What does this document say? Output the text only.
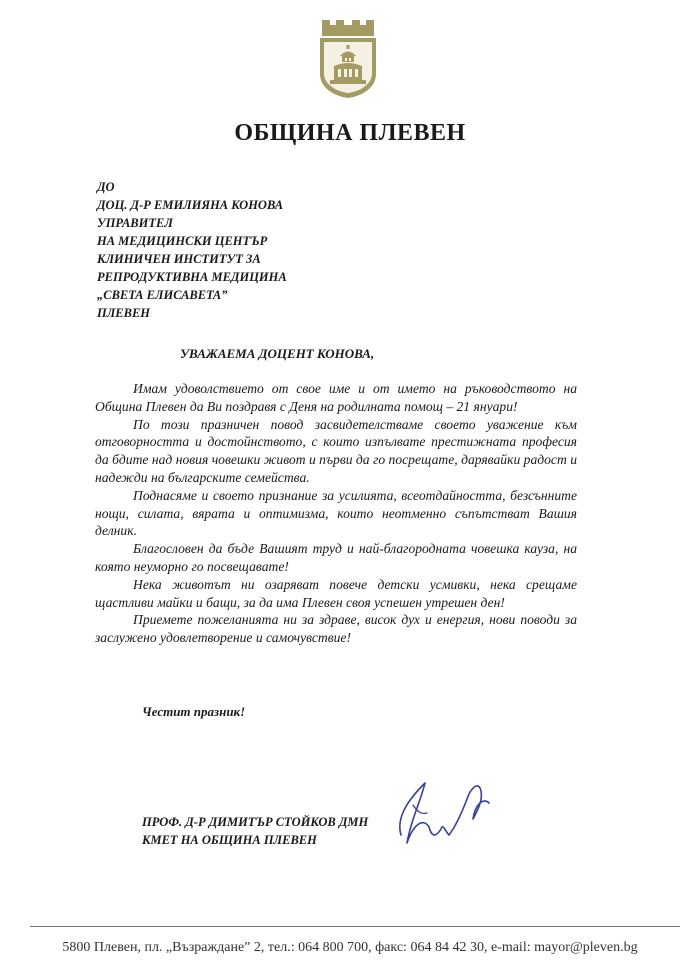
ОБЩИНА ПЛЕВЕН
ДО
ДОЦ. Д-Р ЕМИЛИЯНА КОНОВА
УПРАВИТЕЛ
НА МЕДИЦИНСКИ ЦЕНТЪР
КЛИНИЧЕН ИНСТИТУТ ЗА
РЕПРОДУКТИВНА МЕДИЦИНА
„СВЕТА ЕЛИСАВЕТА”
ПЛЕВЕН
УВАЖАЕМА ДОЦЕНТ КОНОВА,

Имам удоволствието от свое име и от името на ръководството на Община Плевен да Ви поздравя с Деня на родилната помощ – 21 януари!

По този празничен повод засвидетелстваме своето уважение към отговорността и достойнството, с които изпълвате престижната професия да бдите над новия човешки живот и първи да го посрещате, дарявайки радост и надежди на българските семейства.

Поднасяме и своето признание за усилията, всеотдайността, безсънните нощи, силата, вярата и оптимизма, които неотменно съпътстват Вашия делник.

Благословен да бъде Вашият труд и най-благородната човешка кауза, на която неуморно го посвещавате!

Нека животът ни озаряват повече детски усмивки, нека срещаме щастливи майки и бащи, за да има Плевен своя успешен утрешен ден!

Приемете пожеланията ни за здраве, висок дух и енергия, нови поводи за заслужено удовлетворение и самочувствие!

Честит празник!
ПРОФ. Д-Р ДИМИТЪР СТОЙКОВ ДМН
КМЕТ НА ОБЩИНА ПЛЕВЕН
5800 Плевен, пл. „Възраждане” 2, тел.: 064 800 700, факс: 064 84 42 30, e-mail: mayor@pleven.bg
